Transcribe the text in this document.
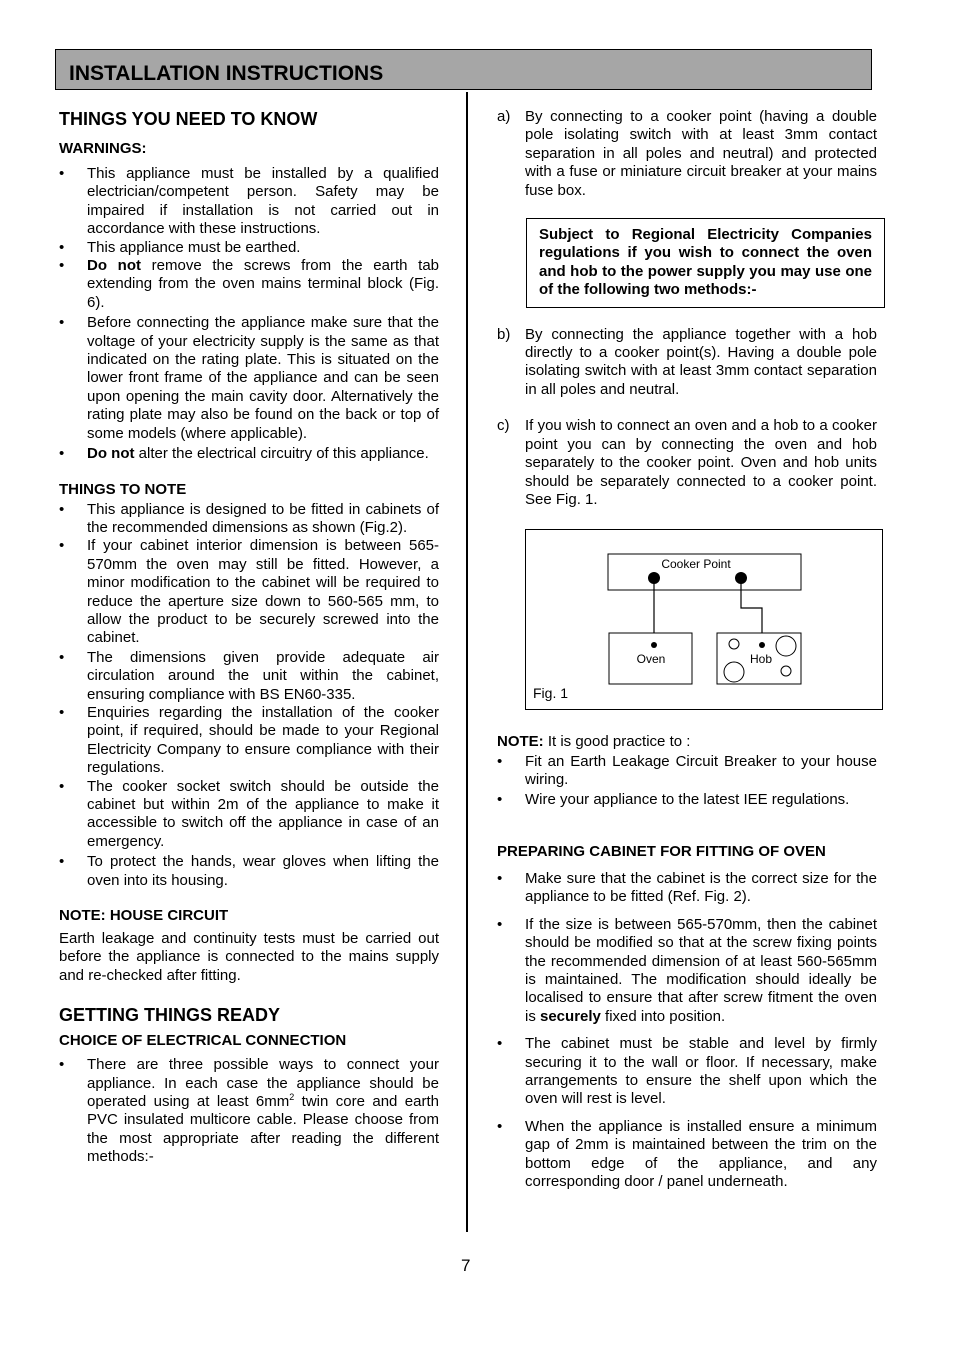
INSTALLATION INSTRUCTIONS

THINGS YOU NEED TO KNOW

WARNINGS:

• This appliance must be installed by a qualified electrician/competent person. Safety may be impaired if installation is not carried out in accordance with these instructions.
• This appliance must be earthed.
• Do not remove the screws from the earth tab extending from the oven mains terminal block (Fig. 6).
• Before connecting the appliance make sure that the voltage of your electricity supply is the same as that indicated on the rating plate. This is situated on the lower front frame of the appliance and can be seen upon opening the main cavity door. Alternatively the rating plate may also be found on the back or top of some models (where applicable).
• Do not alter the electrical circuitry of this appliance.

THINGS TO NOTE

• This appliance is designed to be fitted in cabinets of the recommended dimensions as shown (Fig.2).
• If your cabinet interior dimension is between 565-570mm the oven may still be fitted. However, a minor modification to the cabinet will be required to reduce the aperture size down to 560-565 mm, to allow the product to be securely screwed into the cabinet.
• The dimensions given provide adequate air circulation around the unit within the cabinet, ensuring compliance with BS EN60-335.
• Enquiries regarding the installation of the cooker point, if required, should be made to your Regional Electricity Company to ensure compliance with their regulations.
• The cooker socket switch should be outside the cabinet but within 2m of the appliance to make it accessible to switch off the appliance in case of an emergency.
• To protect the hands, wear gloves when lifting the oven into its housing.

NOTE: HOUSE CIRCUIT

Earth leakage and continuity tests must be carried out before the appliance is connected to the mains supply and re-checked after fitting.

GETTING THINGS READY

CHOICE OF ELECTRICAL CONNECTION

• There are three possible ways to connect your appliance. In each case the appliance should be operated using at least $6mm^2$ twin core and earth PVC insulated multicore cable. Please choose from the most appropriate after reading the different methods:-
a) By connecting to a cooker point (having a double pole isolating switch with at least 3mm contact separation in all poles and neutral) and protected with a fuse or miniature circuit breaker at your mains fuse box.
Subject to Regional Electricity Companies regulations if you wish to connect the oven and hob to the power supply you may use one of the following two methods:-
b) By connecting the appliance together with a hob directly to a cooker point(s). Having a double pole isolating switch with at least 3mm contact separation in all poles and neutral.
c) If you wish to connect an oven and a hob to a cooker point you can by connecting the oven and hob separately to the cooker point. Oven and hob units should be separately connected to a cooker point. See Fig. 1.
Cooker Point
Oven	Hob
Fig. 1

NOTE: It is good practice to :

• Fit an Earth Leakage Circuit Breaker to your house wiring.
• Wire your appliance to the latest IEE regulations.

PREPARING CABINET FOR FITTING OF OVEN

• Make sure that the cabinet is the correct size for the appliance to be fitted (Ref. Fig. 2).
• If the size is between 565-570mm, then the cabinet should be modified so that at the screw fixing points the recommended dimension of at least 560-565mm is maintained. The modification should ideally be localised to ensure that after screw fitment the oven is securely fixed into position.
• The cabinet must be stable and level by firmly securing it to the wall or floor. If necessary, make arrangements to ensure the shelf upon which the oven will rest is level.
• When the appliance is installed ensure a minimum gap of 2mm is maintained between the trim on the bottom edge of the appliance, and any corresponding door / panel underneath.
7
